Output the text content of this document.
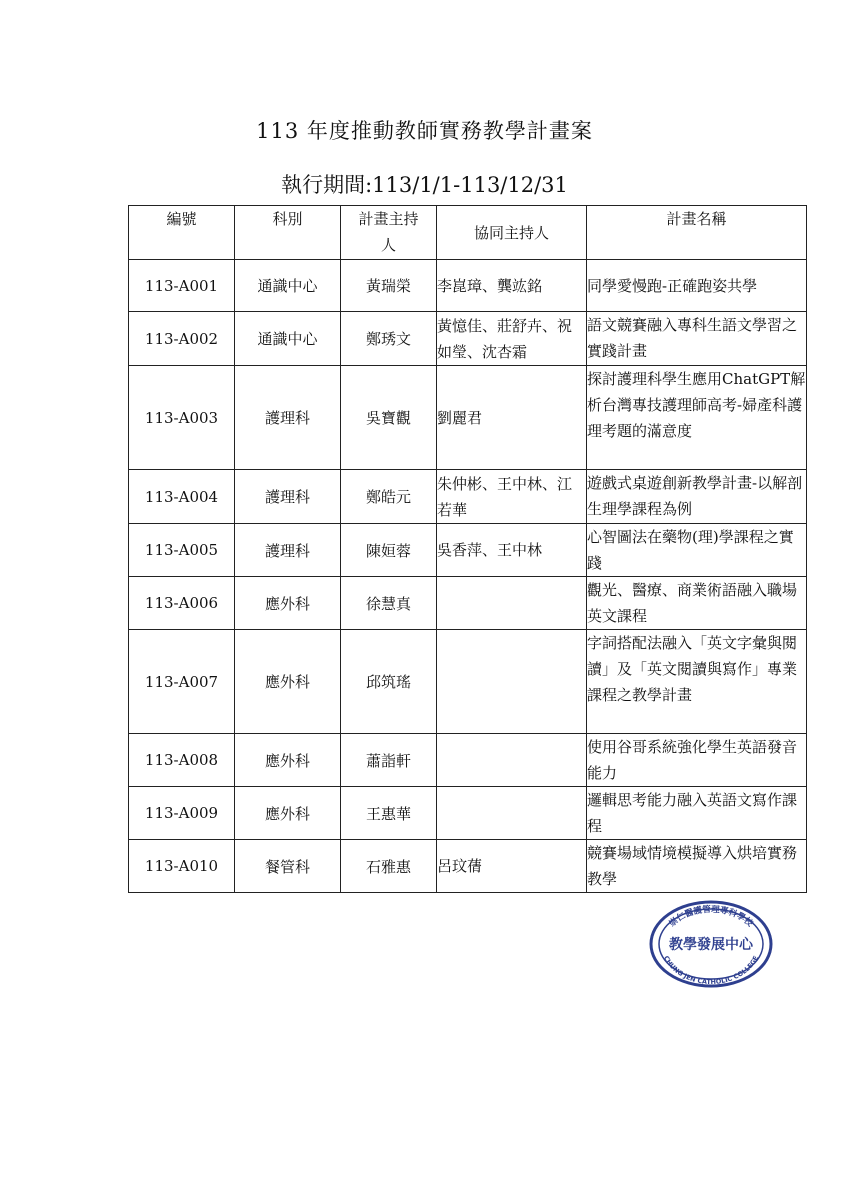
113 年度推動教師實務教學計畫案
執行期間:113/1/1-113/12/31
編號	科別	計畫主持人	協同主持人	計畫名稱
113-A001	通識中心	黃瑞榮	李崑璋、龔竑銘	同學愛慢跑-正確跑姿共學
113-A002	通識中心	鄭琇文	黃憶佳、莊舒卉、祝如瑩、沈杏霜	語文競賽融入專科生語文學習之實踐計畫
113-A003	護理科	吳寶觀	劉麗君	探討護理科學生應用ChatGPT解析台灣專技護理師高考-婦產科護理考題的滿意度
113-A004	護理科	鄭皓元	朱仲彬、王中林、江若華	遊戲式桌遊創新教學計畫-以解剖生理學課程為例
113-A005	護理科	陳姮蓉	吳香萍、王中林	心智圖法在藥物(理)學課程之實踐
113-A006	應外科	徐慧真		觀光、醫療、商業術語融入職場英文課程
113-A007	應外科	邱筑瑤		字詞搭配法融入「英文字彙與閱讀」及「英文閱讀與寫作」專業課程之教學計畫
113-A008	應外科	蕭詣軒		使用谷哥系統強化學生英語發音能力
113-A009	應外科	王惠華		邏輯思考能力融入英語文寫作課程
113-A010	餐管科	石雅惠	呂玟蒨	競賽場域情境模擬導入烘培實務教學
崇仁醫護管理專科學校
CHUNG JEN CATHOLIC COLLEGE
教學發展中心
